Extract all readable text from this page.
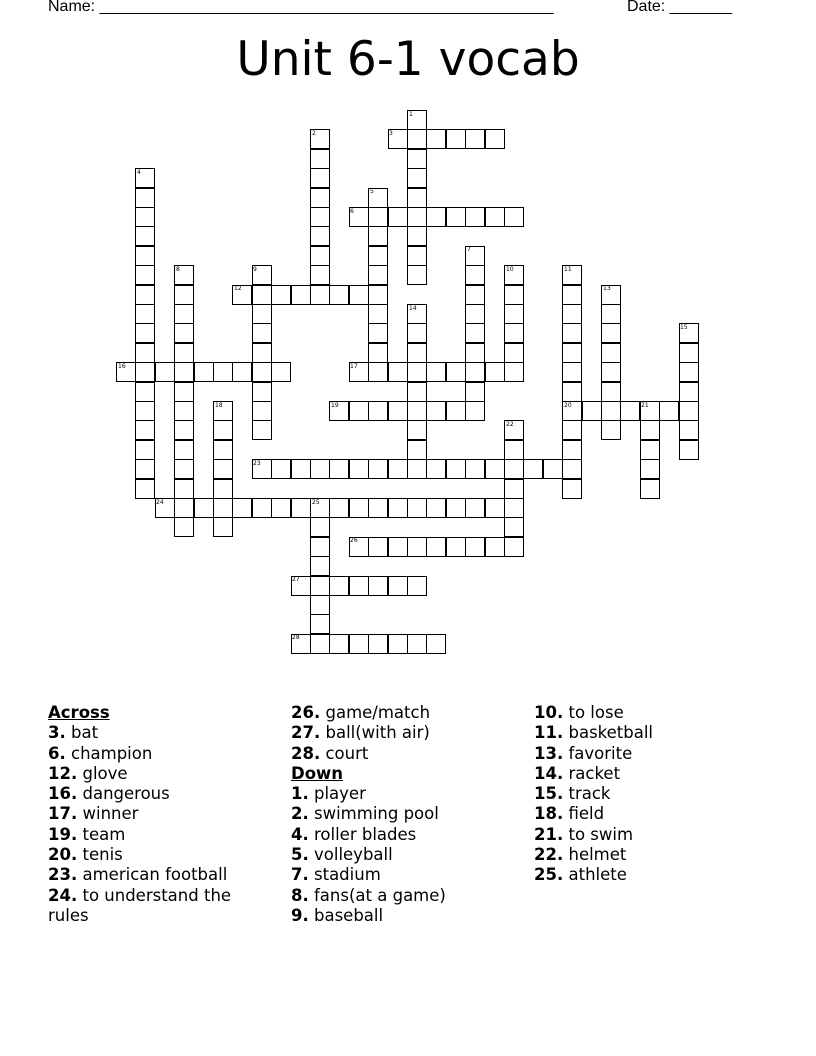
Name: ___________________________________________________	Date: _______
Unit 6-1 vocab
1
2	3
4
5
6
7
8	9	10	11
12	13
14
15
16	17
18	19	20	21
22
23
24	25
26
27
28
Across

3. bat

6. champion

12. glove

16. dangerous

17. winner

19. team

20. tenis

23. american football

24. to understand the rules

26. game/match

27. ball(with air)

28. court

Down

1. player

2. swimming pool

4. roller blades

5. volleyball

7. stadium

8. fans(at a game)

9. baseball

10. to lose

11. basketball

13. favorite

14. racket

15. track

18. field

21. to swim

22. helmet

25. athlete
